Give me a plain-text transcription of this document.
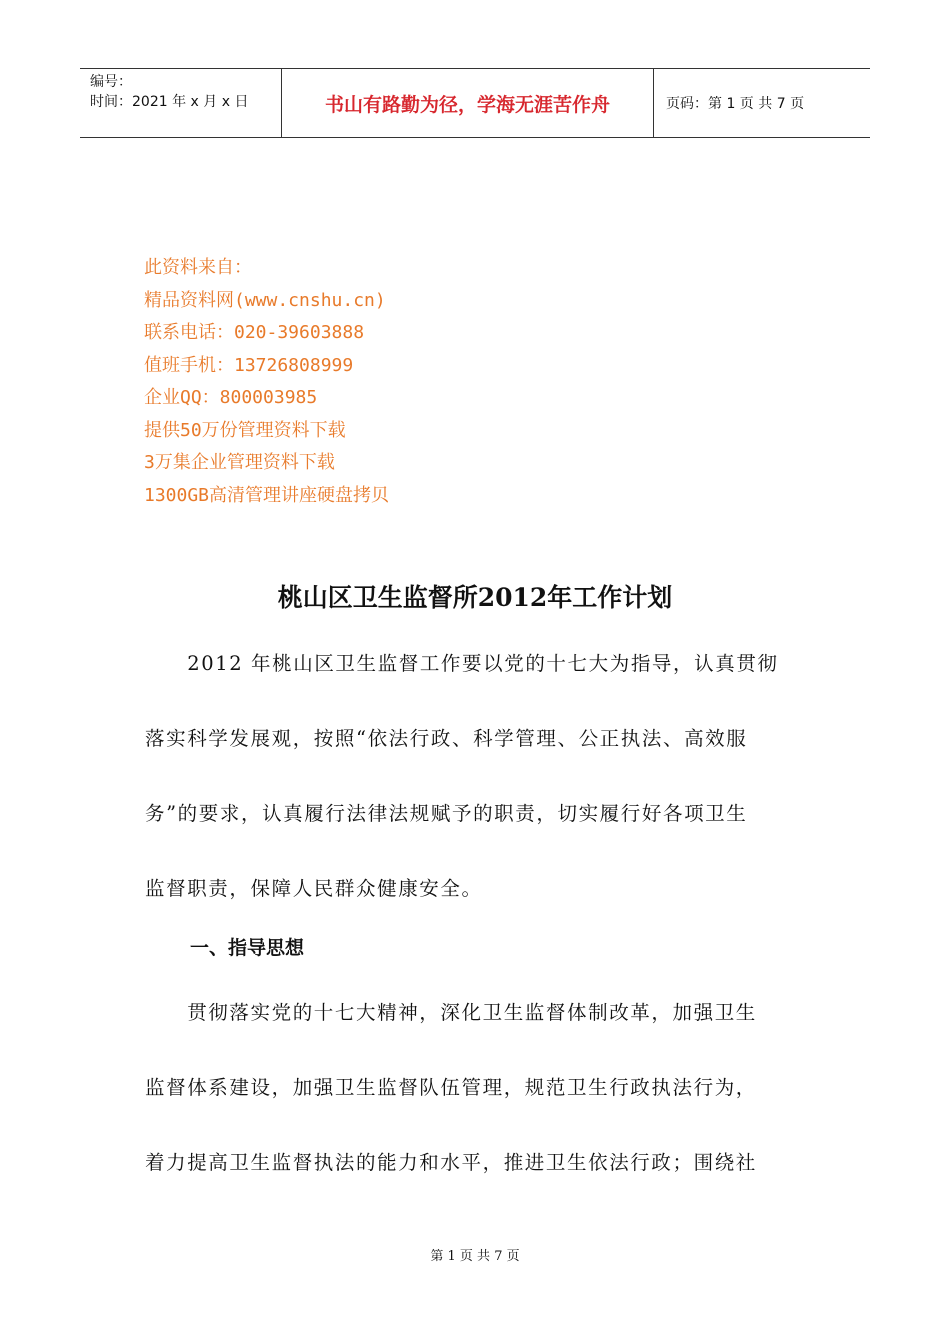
编号：
时间：2021 年 x 月 x 日	书山有路勤为径，学海无涯苦作舟	页码：第 1 页 共 7 页
此资料来自：
精品资料网(www.cnshu.cn)
联系电话：020-39603888
值班手机：13726808999
企业QQ：800003985
提供50万份管理资料下载
3万集企业管理资料下载
1300GB高清管理讲座硬盘拷贝
桃山区卫生监督所2012年工作计划
　　2012 年桃山区卫生监督工作要以党的十七大为指导，认真贯彻
落实科学发展观，按照“依法行政、科学管理、公正执法、高效服
务”的要求，认真履行法律法规赋予的职责，切实履行好各项卫生
监督职责，保障人民群众健康安全。
一、指导思想
　　贯彻落实党的十七大精神，深化卫生监督体制改革，加强卫生
监督体系建设，加强卫生监督队伍管理，规范卫生行政执法行为，
着力提高卫生监督执法的能力和水平，推进卫生依法行政；围绕社
第 1 页 共 7 页
